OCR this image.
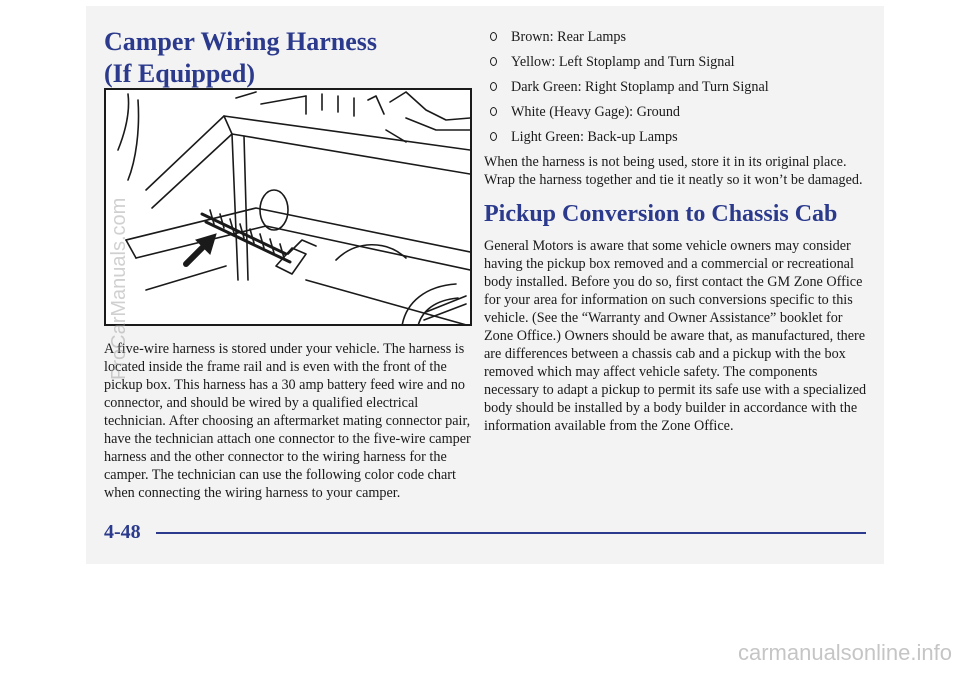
Camper Wiring Harness
(If Equipped)

A five-wire harness is stored under your vehicle. The harness is located inside the frame rail and is even with the front of the pickup box. This harness has a 30 amp battery feed wire and no connector, and should be wired by a qualified electrical technician. After choosing an aftermarket mating connector pair, have the technician attach one connector to the five-wire camper harness and the other connector to the wiring harness for the camper. The technician can use the following color code chart when connecting the wiring harness to your camper.

Brown: Rear Lamps
Yellow: Left Stoplamp and Turn Signal
Dark Green: Right Stoplamp and Turn Signal
White (Heavy Gage): Ground
Light Green: Back-up Lamps

When the harness is not being used, store it in its original place. Wrap the harness together and tie it neatly so it won’t be damaged.

Pickup Conversion to Chassis Cab

General Motors is aware that some vehicle owners may consider having the pickup box removed and a commercial or recreational body installed. Before you do so, first contact the GM Zone Office for your area for information on such conversions specific to this vehicle. (See the “Warranty and Owner Assistance” booklet for Zone Office.) Owners should be aware that, as manufactured, there are differences between a chassis cab and a pickup with the box removed which may affect vehicle safety. The components necessary to adapt a pickup to permit its safe use with a specialized body should be installed by a body builder in accordance with the information available from the Zone Office.

4-48
ProCarManuals.com
carmanualsonline.info
